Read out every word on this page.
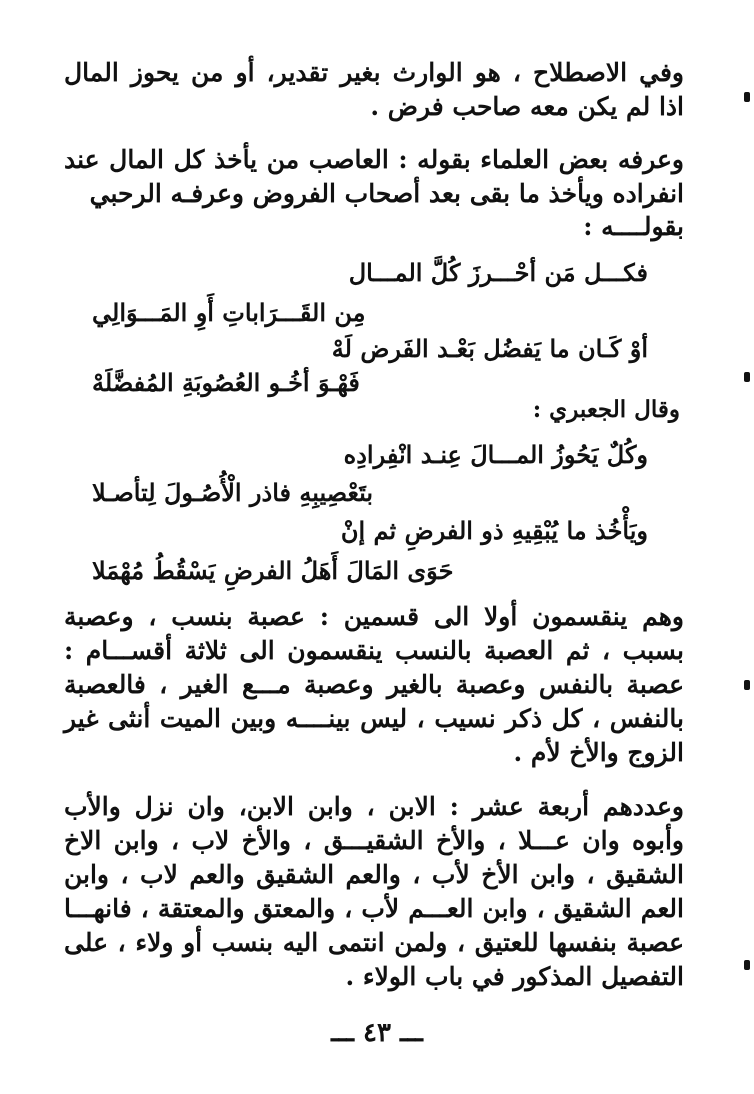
وفي الاصطلاح ، هو الوارث بغير تقدير، أو من يحوز المال اذا لم يكن معه صاحب فرض .

وعرفه بعض العلماء بقوله : العاصب من يأخذ كل المال عند انفراده ويأخذ ما بقى بعد أصحاب الفروض وعرفـه الرحبي

بقولــــه :
فكـــل مَن أحْـــرزَ كُلَّ المـــال
مِن القَـــرَاباتِ أَوِ المَـــوَالِي
أوْ كَـان ما يَفضُل بَعْـد الفَرض لَهْ
فَهْـوَ أخُـو العُصُوبَةِ المُفضَّلَهْ
وقال الجعبري :
وكُلٌ يَحُوزُ المـــالَ عِنـد انْفِرادِه
بتَعْصِيبِهِ فاذر الْأُصُـولَ لِتأصـلا
ويَأْخُذ ما يُبْقِيهِ ذو الفرضِ ثم إنْ
حَوَى المَالَ أَهَلُ الفرضِ يَسْقُطُ مُهْمَلا

وهم ينقسمون أولا الى قسمين : عصبة بنسب ، وعصبة بسبب ، ثم العصبة بالنسب ينقسمون الى ثلاثة أقســـام : عصبة بالنفس وعصبة بالغير وعصبة مـــع الغير ، فالعصبة بالنفس ، كل ذكر نسيب ، ليس بينــــه وبين الميت أنثى غير الزوج والأخ لأم .

وعددهم أربعة عشر : الابن ، وابن الابن، وان نزل والأب وأبوه وان عـــلا ، والأخ الشقيـــق ، والأخ لاب ، وابن الاخ الشقيق ، وابن الأخ لأب ، والعم الشقيق والعم لاب ، وابن العم الشقيق ، وابن العـــم لأب ، والمعتق والمعتقة ، فانهـــا عصبة بنفسها للعتيق ، ولمن انتمى اليه بنسب أو ولاء ، على التفصيل المذكور في باب الولاء .

ـــ ٤٣ ـــ
